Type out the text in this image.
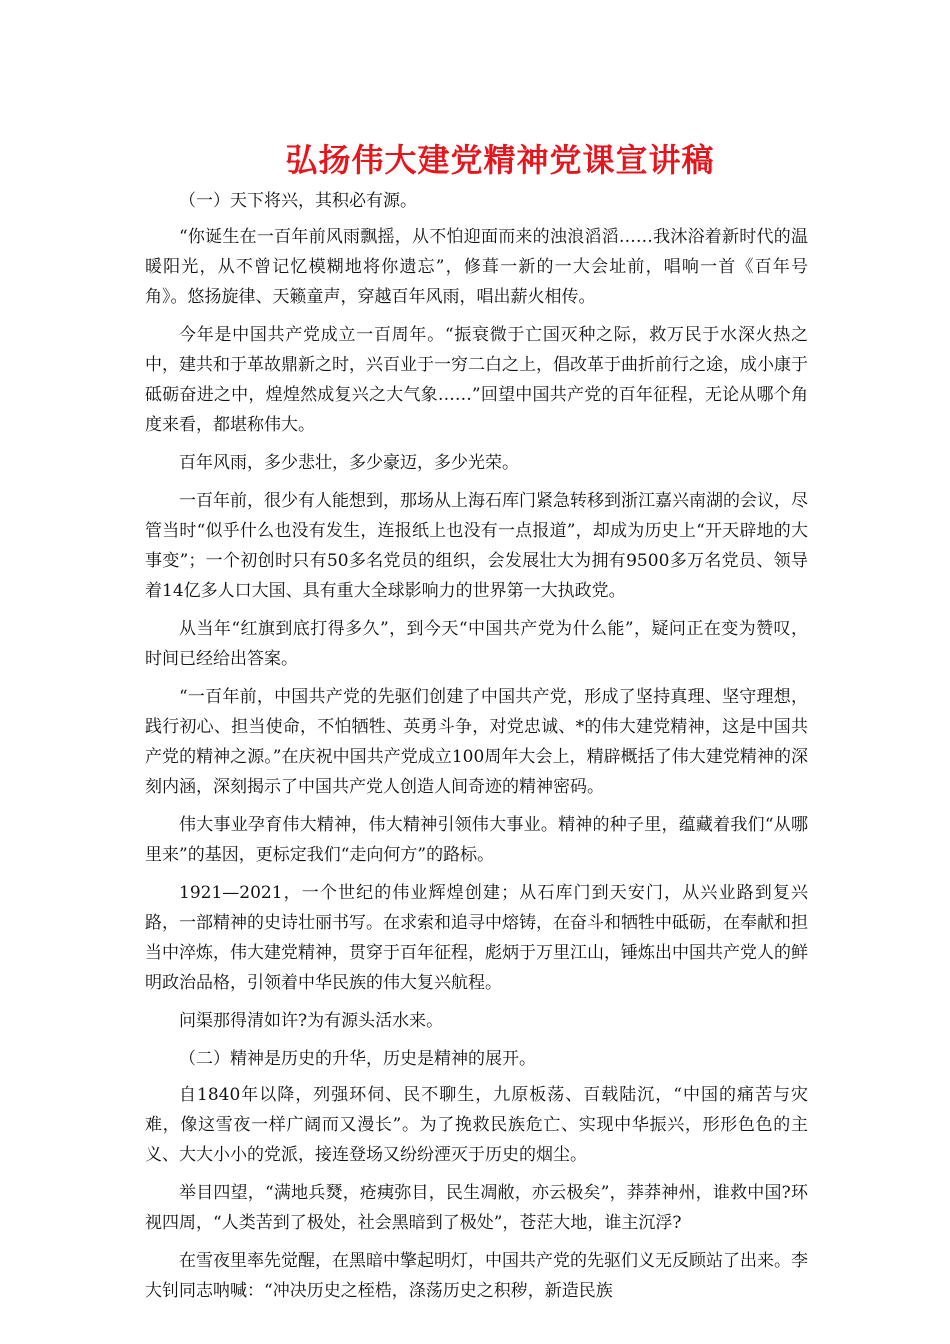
弘扬伟大建党精神党课宣讲稿

（一）天下将兴，其积必有源。

“你诞生在一百年前风雨飘摇，从不怕迎面而来的浊浪滔滔……我沐浴着新时代的温暖阳光，从不曾记忆模糊地将你遗忘”，修葺一新的一大会址前，唱响一首《百年号角》。悠扬旋律、天籁童声，穿越百年风雨，唱出薪火相传。

今年是中国共产党成立一百周年。“振衰微于亡国灭种之际，救万民于水深火热之中，建共和于革故鼎新之时，兴百业于一穷二白之上，倡改革于曲折前行之途，成小康于砥砺奋进之中，煌煌然成复兴之大气象……”回望中国共产党的百年征程，无论从哪个角度来看，都堪称伟大。

百年风雨，多少悲壮，多少豪迈，多少光荣。

一百年前，很少有人能想到，那场从上海石库门紧急转移到浙江嘉兴南湖的会议，尽管当时“似乎什么也没有发生，连报纸上也没有一点报道”，却成为历史上“开天辟地的大事变”；一个初创时只有50多名党员的组织，会发展壮大为拥有9500多万名党员、领导着14亿多人口大国、具有重大全球影响力的世界第一大执政党。

从当年“红旗到底打得多久”，到今天“中国共产党为什么能”，疑问正在变为赞叹，时间已经给出答案。

“一百年前，中国共产党的先驱们创建了中国共产党，形成了坚持真理、坚守理想，践行初心、担当使命，不怕牺牲、英勇斗争，对党忠诚、*的伟大建党精神，这是中国共产党的精神之源。”在庆祝中国共产党成立100周年大会上，精辟概括了伟大建党精神的深刻内涵，深刻揭示了中国共产党人创造人间奇迹的精神密码。

伟大事业孕育伟大精神，伟大精神引领伟大事业。精神的种子里，蕴藏着我们“从哪里来”的基因，更标定我们“走向何方”的路标。

1921—2021，一个世纪的伟业辉煌创建；从石库门到天安门，从兴业路到复兴路，一部精神的史诗壮丽书写。在求索和追寻中熔铸，在奋斗和牺牲中砥砺，在奉献和担当中淬炼，伟大建党精神，贯穿于百年征程，彪炳于万里江山，锤炼出中国共产党人的鲜明政治品格，引领着中华民族的伟大复兴航程。

问渠那得清如许?为有源头活水来。

（二）精神是历史的升华，历史是精神的展开。

自1840年以降，列强环伺、民不聊生，九原板荡、百载陆沉，“中国的痛苦与灾难，像这雪夜一样广阔而又漫长”。为了挽救民族危亡、实现中华振兴，形形色色的主义、大大小小的党派，接连登场又纷纷湮灭于历史的烟尘。

举目四望，“满地兵燹，疮痍弥目，民生凋敝，亦云极矣”，莽莽神州，谁救中国?环视四周，“人类苦到了极处，社会黑暗到了极处”，苍茫大地，谁主沉浮?

在雪夜里率先觉醒，在黑暗中擎起明灯，中国共产党的先驱们义无反顾站了出来。李大钊同志呐喊：“冲决历史之桎梏，涤荡历史之积秽，新造民族
